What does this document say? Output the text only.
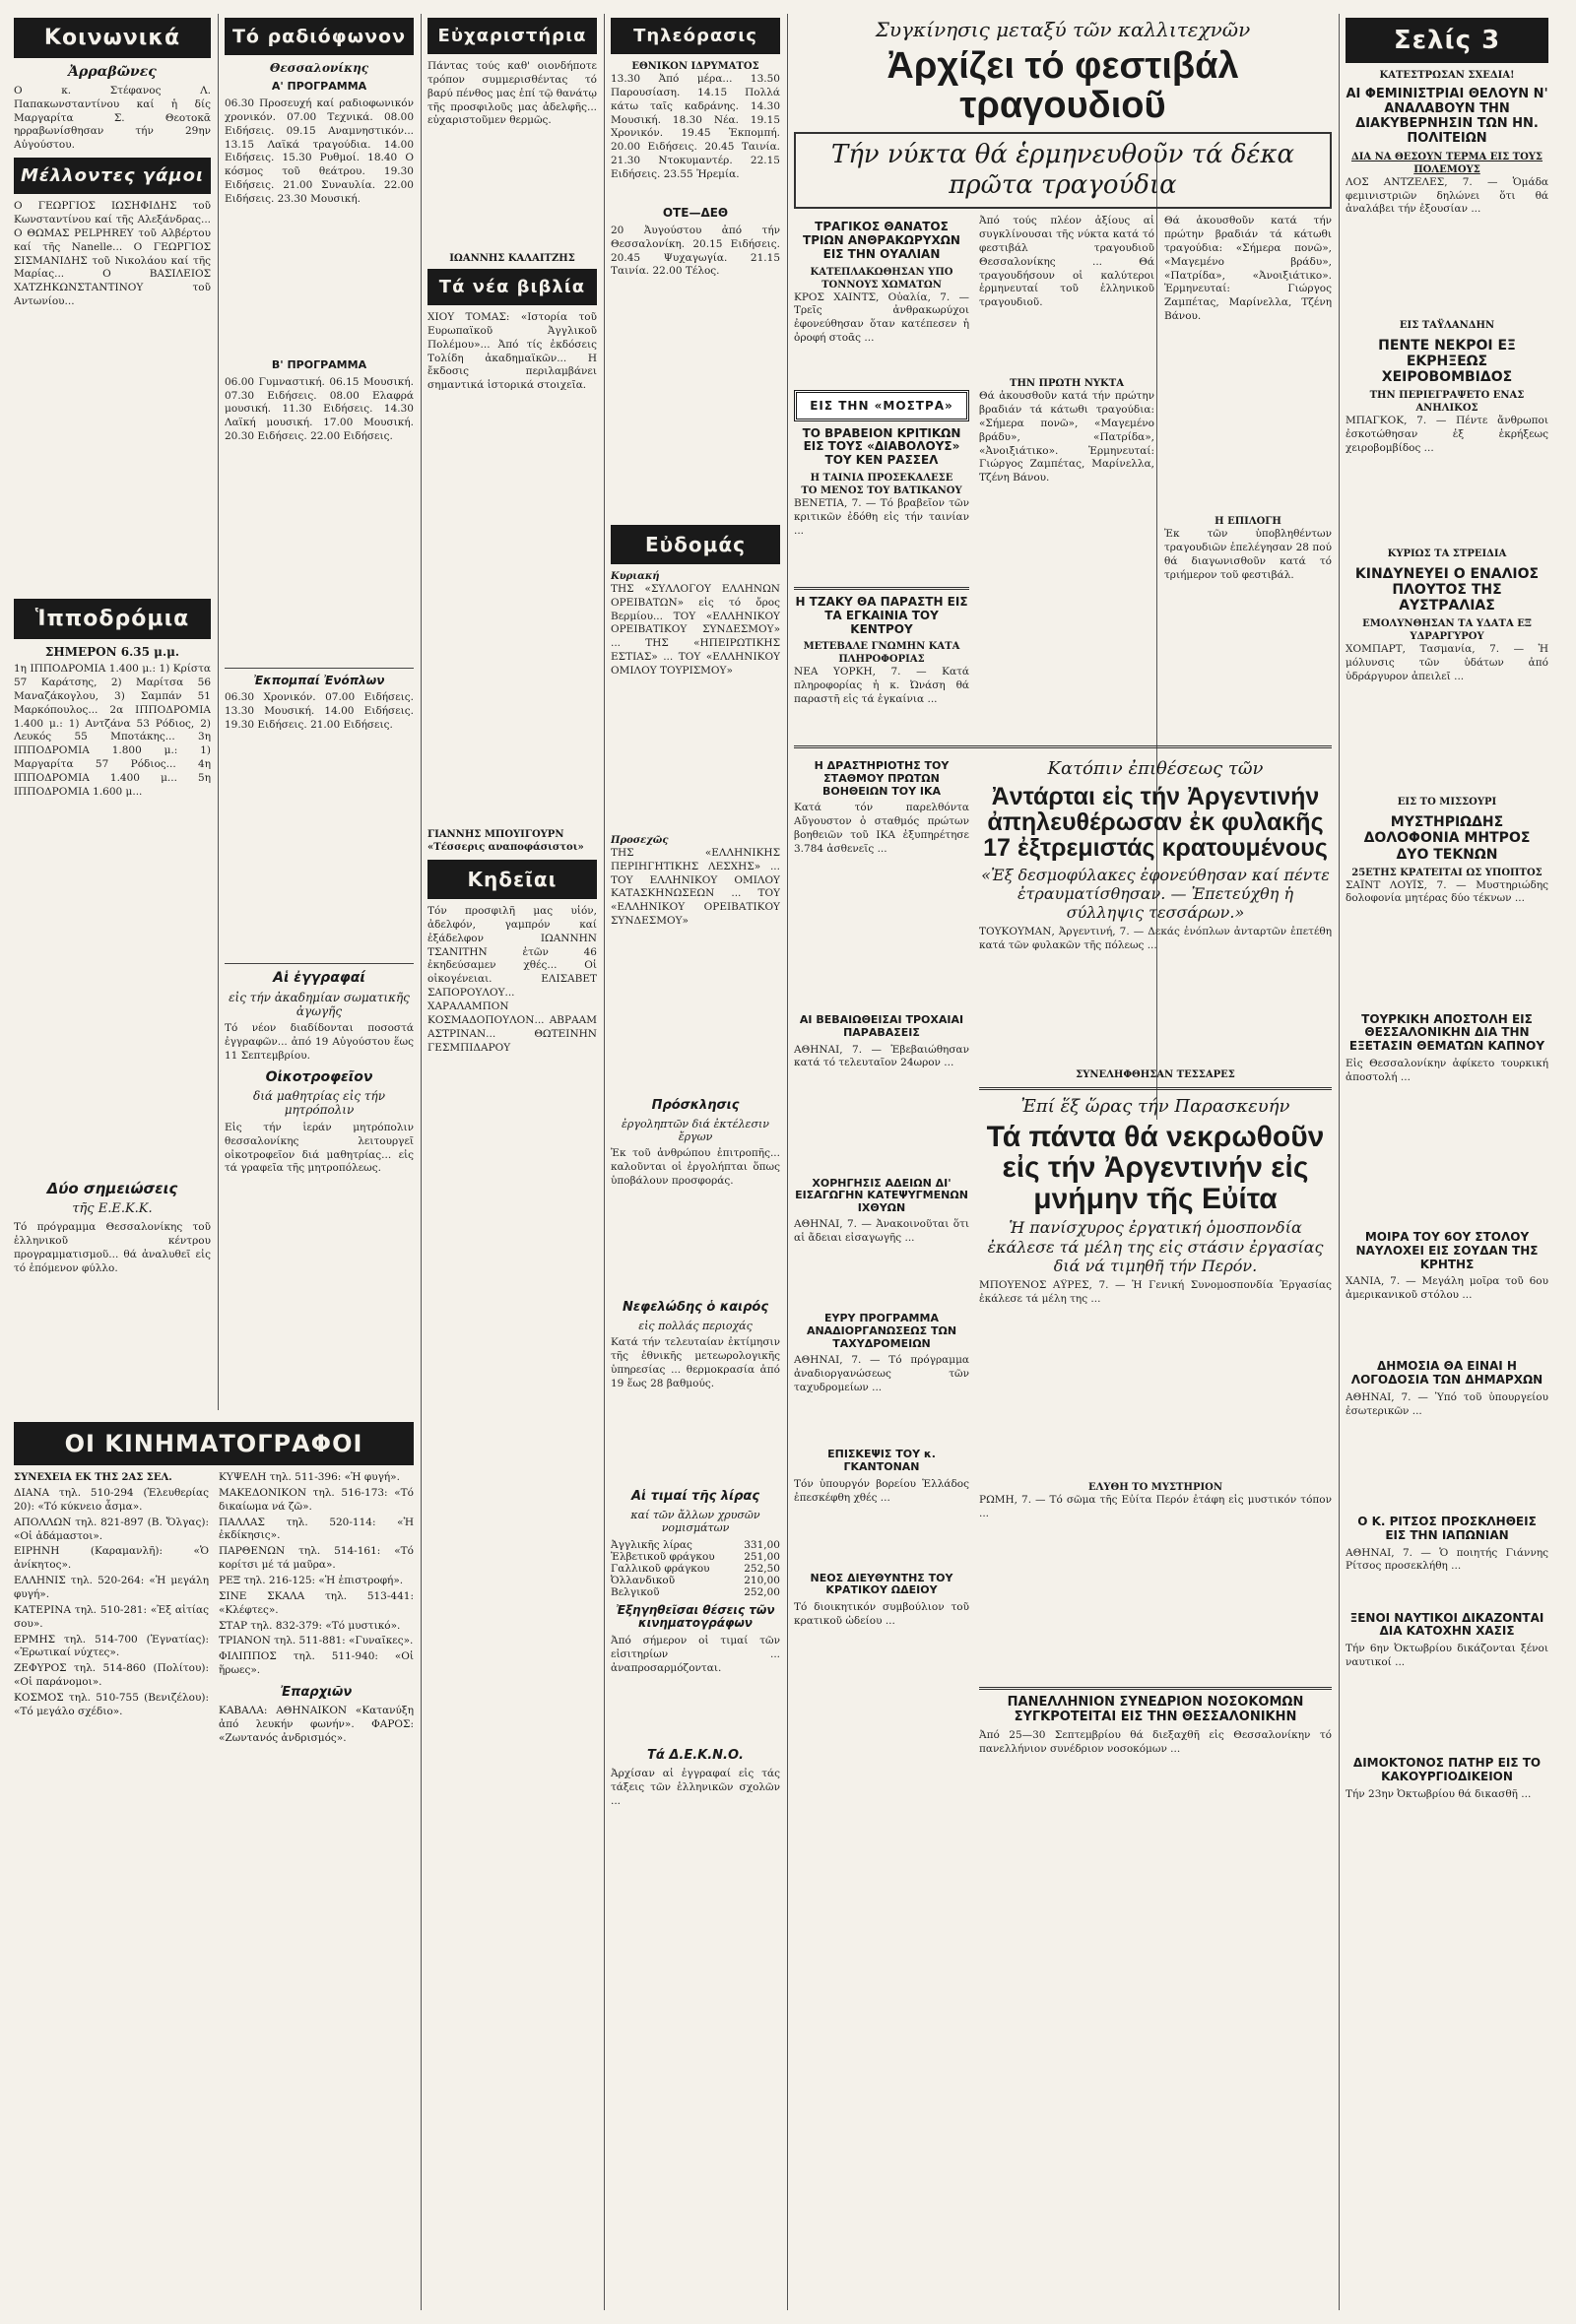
Κοινωνικά
Ἀρραβῶνες

Ο κ. Στέφανος Λ. Παπακωνσταντίνου καί ἡ δίς Μαργαρίτα Σ. Θεοτοκᾶ ηρραβωνίσθησαν τήν 29ην Αὐγούστου.

Μέλλοντες γάμοι

Ο ΓΕΩΡΓΙΟΣ ΙΩΣΗΦΙΔΗΣ τοῦ Κωνσταντίνου καί τῆς Αλεξάνδρας... Ο ΘΩΜΑΣ PELPHREY τοῦ Αλβέρτου καί τῆς Nanelle... Ο ΓΕΩΡΓΙΟΣ ΣΙΣΜΑΝΙΔΗΣ τοῦ Νικολάου καί τῆς Μαρίας... Ο ΒΑΣΙΛΕΙΟΣ ΧΑΤΖΗΚΩΝΣΤΑΝΤΙΝΟΥ τοῦ Αντωνίου...

Ἱπποδρόμια
ΣΗΜΕΡΟΝ 6.35 μ.μ.

1η ΙΠΠΟΔΡΟΜΙΑ 1.400 μ.: 1) Κρίστα 57 Καράτσης, 2) Μαρίτσα 56 Μαναζάκογλου, 3) Σαμπάν 51 Μαρκόπουλος... 2α ΙΠΠΟΔΡΟΜΙΑ 1.400 μ.: 1) Αντζάνα 53 Ρόδιος, 2) Λευκός 55 Μποτάκης... 3η ΙΠΠΟΔΡΟΜΙΑ 1.800 μ.: 1) Μαργαρίτα 57 Ρόδιος... 4η ΙΠΠΟΔΡΟΜΙΑ 1.400 μ... 5η ΙΠΠΟΔΡΟΜΙΑ 1.600 μ...

Δύο σημειώσεις
τῆς Ε.Ε.Κ.Κ.

Τό πρόγραμμα Θεσσαλονίκης τοῦ ἑλληνικοῦ κέντρου προγραμματισμοῦ... θά ἀναλυθεῖ εἰς τό ἑπόμενον φύλλο.

Τό ραδιόφωνον
Θεσσαλονίκης
Α' ΠΡΟΓΡΑΜΜΑ

06.30 Προσευχή καί ραδιοφωνικόν χρονικόν. 07.00 Τεχνικά. 08.00 Ειδήσεις. 09.15 Αναμνηστικόν... 13.15 Λαϊκά τραγούδια. 14.00 Ειδήσεις. 15.30 Ρυθμοί. 18.40 Ο κόσμος τοῦ θεάτρου. 19.30 Ειδήσεις. 21.00 Συναυλία. 22.00 Ειδήσεις. 23.30 Μουσική.

Β' ΠΡΟΓΡΑΜΜΑ

06.00 Γυμναστική. 06.15 Μουσική. 07.30 Ειδήσεις. 08.00 Ελαφρά μουσική. 11.30 Ειδήσεις. 14.30 Λαϊκή μουσική. 17.00 Μουσική. 20.30 Ειδήσεις. 22.00 Ειδήσεις.

Ἐκπομπαί Ἐνόπλων

06.30 Χρονικόν. 07.00 Ειδήσεις. 13.30 Μουσική. 14.00 Ειδήσεις. 19.30 Ειδήσεις. 21.00 Ειδήσεις.

Αἱ ἐγγραφαί
εἰς τήν ἀκαδημίαν σωματικῆς ἀγωγῆς

Τό νέον διαδίδονται ποσοστά ἐγγραφῶν... ἀπό 19 Αὐγούστου ἕως 11 Σεπτεμβρίου.

Οἰκοτροφεῖον
διά μαθητρίας εἰς τήν μητρόπολιν

Εἰς τήν ἱεράν μητρόπολιν θεσσαλονίκης λειτουργεῖ οἰκοτροφεῖον διά μαθητρίας... εἰς τά γραφεῖα τῆς μητροπόλεως.

Εὐχαριστήρια

Πάντας τούς καθ' οιονδήποτε τρόπον συμμερισθέντας τό βαρύ πένθος μας ἐπί τῷ θανάτῳ τῆς προσφιλοῦς μας ἀδελφῆς... εὐχαριστοῦμεν θερμῶς.

ΙΩΑΝΝΗΣ ΚΑΛΑΙΤΖΗΣ
Τά νέα βιβλία

ΧΙΟΥ ΤΟΜΑΣ: «Ιστορία τοῦ Ευρωπαϊκοῦ Ἀγγλικοῦ Πολέμου»... Ἀπό τίς ἐκδόσεις Τολίδη ἀκαδημαϊκῶν... Η ἔκδοσις περιλαμβάνει σημαντικά ἱστορικά στοιχεῖα.

ΓΙΑΝΝΗΣ ΜΠΟΥΙΓΟΥΡΝ «Τέσσερις αναποφάσιστοι»
Κηδεῖαι

Τόν προσφιλῆ μας υἱόν, ἀδελφόν, γαμπρόν καί ἐξάδελφον ΙΩΑΝΝΗΝ ΤΣΑΝΙΤΗΝ ἐτῶν 46 ἐκηδεύσαμεν χθές... Οἱ οἰκογένειαι. ΕΛΙΣΑΒΕΤ ΣΑΠΟΡΟΥΛΟΥ... ΧΑΡΑΛΑΜΠΟΝ ΚΟΣΜΑΔΟΠΟΥΛΟΝ... ΑΒΡΑΑΜ ΑΣΤΡΙΝΑΝ... ΘΩΤΕΙΝΗΝ ΓΕΣΜΠΙΔΑΡΟΥ

Τηλεόρασις
ΕΘΝΙΚΟΝ ΙΔΡΥΜΑΤΟΣ

13.30 Ἀπό μέρα... 13.50 Παρουσίαση. 14.15 Πολλά κάτω ταῖς καδράνης. 14.30 Μουσική. 18.30 Νέα. 19.15 Χρονικόν. 19.45 Ἐκπομπή. 20.00 Ειδήσεις. 20.45 Ταινία. 21.30 Ντοκυμαντέρ. 22.15 Ειδήσεις. 23.55 Ἠρεμία.

ΟΤΕ—ΔΕΘ

20 Ἀυγούστου ἀπό τήν Θεσσαλονίκη. 20.15 Ειδήσεις. 20.45 Ψυχαγωγία. 21.15 Ταινία. 22.00 Τέλος.

Εὐδομάς
Κυριακή

ΤΗΣ «ΣΥΛΛΟΓΟΥ ΕΛΛΗΝΩΝ ΟΡΕΙΒΑΤΩΝ» εἰς τό ὄρος Βερμίου... ΤΟΥ «ΕΛΛΗΝΙΚΟΥ ΟΡΕΙΒΑΤΙΚΟΥ ΣΥΝΔΕΣΜΟΥ» ... ΤΗΣ «ΗΠΕΙΡΩΤΙΚΗΣ ΕΣΤΙΑΣ» ... ΤΟΥ «ΕΛΛΗΝΙΚΟΥ ΟΜΙΛΟΥ ΤΟΥΡΙΣΜΟΥ»

Προσεχῶς

ΤΗΣ «ΕΛΛΗΝΙΚΗΣ ΠΕΡΙΗΓΗΤΙΚΗΣ ΛΕΣΧΗΣ» ... ΤΟΥ ΕΛΛΗΝΙΚΟΥ ΟΜΙΛΟΥ ΚΑΤΑΣΚΗΝΩΣΕΩΝ ... ΤΟΥ «ΕΛΛΗΝΙΚΟΥ ΟΡΕΙΒΑΤΙΚΟΥ ΣΥΝΔΕΣΜΟΥ»

Πρόσκλησις
ἐργοληπτῶν διά ἐκτέλεσιν ἔργων

Ἐκ τοῦ ἀνθρώπου ἐπιτροπῆς... καλοῦνται οἱ ἐργολήπται ὅπως ὑποβάλουν προσφοράς.

Νεφελώδης ὁ καιρός
εἰς πολλάς περιοχάς

Κατά τήν τελευταίαν ἐκτίμησιν τῆς ἐθνικῆς μετεωρολογικῆς ὑπηρεσίας ... θερμοκρασία ἀπό 19 ἕως 28 βαθμούς.

Αἱ τιμαί τῆς λίρας
καί τῶν ἄλλων χρυσῶν νομισμάτων
Ἀγγλικῆς λίρας	331,00
Ἑλβετικοῦ φράγκου	251,00
Γαλλικοῦ φράγκου	252,50
Ὀλλανδικοῦ	210,00
Βελγικοῦ	252,00
Ἐξηγηθεῖσαι θέσεις τῶν κινηματογράφων

Ἀπό σήμερον οἱ τιμαί τῶν εἰσιτηρίων ... ἀναπροσαρμόζονται.

Τά Δ.Ε.Κ.Ν.Ο.

Ἀρχίσαν αἱ ἐγγραφαί εἰς τάς τάξεις τῶν ἑλληνικῶν σχολῶν ...

Συγκίνησις μεταξύ τῶν καλλιτεχνῶν
Ἀρχίζει τό φεστιβάλ τραγουδιοῦ
Τήν νύκτα θά ἑρμηνευθοῦν τά δέκα πρῶτα τραγούδια
ΤΡΑΓΙΚΟΣ ΘΑΝΑΤΟΣ ΤΡΙΩΝ ΑΝΘΡΑΚΩΡΥΧΩΝ ΕΙΣ ΤΗΝ ΟΥΑΛΙΑΝ
ΚΑΤΕΠΛΑΚΩΘΗΣΑΝ ΥΠΟ ΤΟΝΝΟΥΣ ΧΩΜΑΤΩΝ

ΚΡΟΣ ΧΑΙΝΤΣ, Οὐαλία, 7. — Τρεῖς ἀνθρακωρύχοι ἐφονεύθησαν ὅταν κατέπεσεν ἡ ὀροφή στοᾶς ...

ΕΙΣ ΤΗΝ «ΜΟΣΤΡΑ»
ΤΟ ΒΡΑΒΕΙΟΝ ΚΡΙΤΙΚΩΝ ΕΙΣ ΤΟΥΣ «ΔΙΑΒΟΛΟΥΣ» ΤΟΥ ΚΕΝ ΡΑΣΣΕΛ
Η ΤΑΙΝΙΑ ΠΡΟΣΕΚΑΛΕΣΕ
ΤΟ ΜΕΝΟΣ ΤΟΥ ΒΑΤΙΚΑΝΟΥ

ΒΕΝΕΤΙΑ, 7. — Τό βραβεῖον τῶν κριτικῶν ἐδόθη εἰς τήν ταινίαν ...

Η ΤΖΑΚΥ ΘΑ ΠΑΡΑΣΤΗ ΕΙΣ ΤΑ ΕΓΚΑΙΝΙΑ ΤΟΥ ΚΕΝΤΡΟΥ
ΜΕΤΕΒΑΛΕ ΓΝΩΜΗΝ ΚΑΤΑ ΠΛΗΡΟΦΟΡΙΑΣ

ΝΕΑ ΥΟΡΚΗ, 7. — Κατά πληροφορίας ἡ κ. Ὠνάση θά παραστῆ εἰς τά ἐγκαίνια ...

Ἀπό τούς πλέον ἀξίους αἱ συγκλίνουσαι τῆς νύκτα κατά τό φεστιβάλ τραγουδιοῦ Θεσσαλονίκης ... Θά τραγουδήσουν οἱ καλύτεροι ἑρμηνευταί τοῦ ἑλληνικοῦ τραγουδιοῦ.

ΤΗΝ ΠΡΩΤΗ ΝΥΚΤΑ

Θά ἀκουσθοῦν κατά τήν πρώτην βραδιάν τά κάτωθι τραγούδια: «Σήμερα πονῶ», «Μαγεμένο βράδυ», «Πατρίδα», «Ἀνοιξιάτικο». Ἑρμηνευταί: Γιώργος Ζαμπέτας, Μαρίνελλα, Τζένη Βάνου.

Θά ἀκουσθοῦν κατά τήν πρώτην βραδιάν τά κάτωθι τραγούδια: «Σήμερα πονῶ», «Μαγεμένο βράδυ», «Πατρίδα», «Ἀνοιξιάτικο». Ἑρμηνευταί: Γιώργος Ζαμπέτας, Μαρίνελλα, Τζένη Βάνου.

Η ΕΠΙΛΟΓΗ

Ἐκ τῶν ὑποβληθέντων τραγουδιῶν ἐπελέγησαν 28 πού θά διαγωνισθοῦν κατά τό τριήμερον τοῦ φεστιβάλ.

Η ΔΡΑΣΤΗΡΙΟΤΗΣ ΤΟΥ ΣΤΑΘΜΟΥ ΠΡΩΤΩΝ ΒΟΗΘΕΙΩΝ ΤΟΥ ΙΚΑ

Κατά τόν παρελθόντα Αὔγουστον ὁ σταθμός πρώτων βοηθειῶν τοῦ ΙΚΑ ἐξυπηρέτησε 3.784 ἀσθενεῖς ...

ΑΙ ΒΕΒΑΙΩΘΕΙΣΑΙ ΤΡΟΧΑΙΑΙ ΠΑΡΑΒΑΣΕΙΣ

ΑΘΗΝΑΙ, 7. — Ἐβεβαιώθησαν κατά τό τελευταῖον 24ωρον ...

ΧΟΡΗΓΗΣΙΣ ΑΔΕΙΩΝ ΔΙ' ΕΙΣΑΓΩΓΗΝ ΚΑΤΕΨΥΓΜΕΝΩΝ ΙΧΘΥΩΝ

ΑΘΗΝΑΙ, 7. — Ἀνακοινοῦται ὅτι αἱ ἄδειαι εἰσαγωγῆς ...

ΕΥΡΥ ΠΡΟΓΡΑΜΜΑ ΑΝΑΔΙΟΡΓΑΝΩΣΕΩΣ ΤΩΝ ΤΑΧΥΔΡΟΜΕΙΩΝ

ΑΘΗΝΑΙ, 7. — Τό πρόγραμμα ἀναδιοργανώσεως τῶν ταχυδρομείων ...

ΕΠΙΣΚΕΨΙΣ ΤΟΥ κ. ΓΚΑΝΤΟΝΑΝ

Τόν ὑπουργόν βορείου Ἑλλάδος ἐπεσκέφθη χθές ...

ΝΕΟΣ ΔΙΕΥΘΥΝΤΗΣ ΤΟΥ ΚΡΑΤΙΚΟΥ ΩΔΕΙΟΥ

Τό διοικητικόν συμβούλιον τοῦ κρατικοῦ ὠδείου ...

Κατόπιν ἐπιθέσεως τῶν
Ἀντάρται εἰς τήν Ἀργεντινήν ἀπηλευθέρωσαν ἐκ φυλακῆς 17 ἐξτρεμιστάς κρατουμένους
«Ἐξ δεσμοφύλακες ἐφονεύθησαν καί πέντε ἐτραυματίσθησαν. — Ἐπετεύχθη ἡ σύλληψις τεσσάρων.»

ΤΟΥΚΟΥΜΑΝ, Ἀργεντινή, 7. — Δεκάς ἐνόπλων ἀνταρτῶν ἐπετέθη κατά τῶν φυλακῶν τῆς πόλεως ...

ΣΥΝΕΛΗΦΘΗΣΑΝ ΤΕΣΣΑΡΕΣ
Ἐπί ἕξ ὥρας τήν Παρασκευήν
Τά πάντα θά νεκρωθοῦν εἰς τήν Ἀργεντινήν εἰς μνήμην τῆς Εὐίτα
Ἡ πανίσχυρος ἐργατική ὁμοσπονδία ἐκάλεσε τά μέλη της εἰς στάσιν ἐργασίας διά νά τιμηθῆ τήν Περόν.

ΜΠΟΥΕΝΟΣ ΑΫΡΕΣ, 7. — Ἡ Γενική Συνομοσπονδία Ἐργασίας ἐκάλεσε τά μέλη της ...

ΕΛΥΘΗ ΤΟ ΜΥΣΤΗΡΙΟΝ

ΡΩΜΗ, 7. — Τό σῶμα τῆς Εὐίτα Περόν ἐτάφη εἰς μυστικόν τόπον ...

ΠΑΝΕΛΛΗΝΙΟΝ ΣΥΝΕΔΡΙΟΝ ΝΟΣΟΚΟΜΩΝ ΣΥΓΚΡΟΤΕΙΤΑΙ ΕΙΣ ΤΗΝ ΘΕΣΣΑΛΟΝΙΚΗΝ

Ἀπό 25—30 Σεπτεμβρίου θά διεξαχθῆ εἰς Θεσσαλονίκην τό πανελλήνιον συνέδριον νοσοκόμων ...

Σελίς 3
ΚΑΤΕΣΤΡΩΣΑΝ ΣΧΕΔΙΑ!
ΑΙ ΦΕΜΙΝΙΣΤΡΙΑΙ ΘΕΛΟΥΝ Ν' ΑΝΑΛΑΒΟΥΝ ΤΗΝ ΔΙΑΚΥΒΕΡΝΗΣΙΝ ΤΩΝ ΗΝ. ΠΟΛΙΤΕΙΩΝ
ΔΙΑ ΝΑ ΘΕΣΟΥΝ ΤΕΡΜΑ ΕΙΣ ΤΟΥΣ ΠΟΛΕΜΟΥΣ

ΛΟΣ ΑΝΤΖΕΛΕΣ, 7. — Ὁμάδα φεμινιστριῶν δηλώνει ὅτι θά ἀναλάβει τήν ἐξουσίαν ...

ΕΙΣ ΤΑΫΛΑΝΔΗΝ
ΠΕΝΤΕ ΝΕΚΡΟΙ ΕΞ ΕΚΡΗΞΕΩΣ ΧΕΙΡΟΒΟΜΒΙΔΟΣ
ΤΗΝ ΠΕΡΙΕΓΡΑΨΕΤΟ ΕΝΑΣ ΑΝΗΛΙΚΟΣ

ΜΠΑΓΚΟΚ, 7. — Πέντε ἄνθρωποι ἐσκοτώθησαν ἐξ ἐκρήξεως χειροβομβίδος ...

ΚΥΡΙΩΣ ΤΑ ΣΤΡΕΙΔΙΑ
ΚΙΝΔΥΝΕΥΕΙ Ο ΕΝΑΛΙΟΣ ΠΛΟΥΤΟΣ ΤΗΣ ΑΥΣΤΡΑΛΙΑΣ
ΕΜΟΛΥΝΘΗΣΑΝ ΤΑ ΥΔΑΤΑ ΕΞ ΥΔΡΑΡΓΥΡΟΥ

ΧΟΜΠΑΡΤ, Τασμανία, 7. — Ἡ μόλυνσις τῶν ὑδάτων ἀπό ὑδράργυρον ἀπειλεῖ ...

ΕΙΣ ΤΟ ΜΙΣΣΟΥΡΙ
ΜΥΣΤΗΡΙΩΔΗΣ ΔΟΛΟΦΟΝΙΑ ΜΗΤΡΟΣ ΔΥΟ ΤΕΚΝΩΝ
25ΕΤΗΣ ΚΡΑΤΕΙΤΑΙ ΩΣ ΥΠΟΠΤΟΣ

ΣΑΪΝΤ ΛΟΥΪΣ, 7. — Μυστηριώδης δολοφονία μητέρας δύο τέκνων ...

ΤΟΥΡΚΙΚΗ ΑΠΟΣΤΟΛΗ ΕΙΣ ΘΕΣΣΑΛΟΝΙΚΗΝ ΔΙΑ ΤΗΝ ΕΞΕΤΑΣΙΝ ΘΕΜΑΤΩΝ ΚΑΠΝΟΥ

Εἰς Θεσσαλονίκην ἀφίκετο τουρκική ἀποστολή ...

ΜΟΙΡΑ ΤΟΥ 6ΟΥ ΣΤΟΛΟΥ ΝΑΥΛΟΧΕΙ ΕΙΣ ΣΟΥΔΑΝ ΤΗΣ ΚΡΗΤΗΣ

ΧΑΝΙΑ, 7. — Μεγάλη μοῖρα τοῦ 6ου ἀμερικανικοῦ στόλου ...

ΔΗΜΟΣΙΑ ΘΑ ΕΙΝΑΙ Η ΛΟΓΟΔΟΣΙΑ ΤΩΝ ΔΗΜΑΡΧΩΝ

ΑΘΗΝΑΙ, 7. — Ὑπό τοῦ ὑπουργείου ἐσωτερικῶν ...

Ο Κ. ΡΙΤΣΟΣ ΠΡΟΣΚΛΗΘΕΙΣ ΕΙΣ ΤΗΝ ΙΑΠΩΝΙΑΝ

ΑΘΗΝΑΙ, 7. — Ὁ ποιητής Γιάννης Ρίτσος προσεκλήθη ...

ΞΕΝΟΙ ΝΑΥΤΙΚΟΙ ΔΙΚΑΖΟΝΤΑΙ ΔΙΑ ΚΑΤΟΧΗΝ ΧΑΣΙΣ

Τήν 6ην Ὀκτωβρίου δικάζονται ξένοι ναυτικοί ...

ΔΙΜΟΚΤΟΝΟΣ ΠΑΤΗΡ ΕΙΣ ΤΟ ΚΑΚΟΥΡΓΙΟΔΙΚΕΙΟΝ

Τήν 23ην Ὀκτωβρίου θά δικασθῆ ...

ΟΙ ΚΙΝΗΜΑΤΟΓΡΑΦΟΙ
ΣΥΝΕΧΕΙΑ ΕΚ ΤΗΣ 2ΑΣ ΣΕΛ.

ΔΙΑΝΑ τηλ. 510-294 (Ἐλευθερίας 20): «Τό κύκνειο ἆσμα».

ΑΠΟΛΛΩΝ τηλ. 821-897 (Β. Ὄλγας): «Οἱ ἀδάμαστοι».

ΕΙΡΗΝΗ (Καραμανλῆ): «Ὁ ἀνίκητος».

ΕΛΛΗΝΙΣ τηλ. 520-264: «Ἡ μεγάλη φυγή».

ΚΑΤΕΡΙΝΑ τηλ. 510-281: «Ἐξ αἰτίας σου».

ΕΡΜΗΣ τηλ. 514-700 (Ἐγνατίας): «Ἐρωτικαί νύχτες».

ΖΕΦΥΡΟΣ τηλ. 514-860 (Πολίτου): «Οἱ παράνομοι».

ΚΟΣΜΟΣ τηλ. 510-755 (Βενιζέλου): «Τό μεγάλο σχέδιο».

ΚΥΨΕΛΗ τηλ. 511-396: «Ἡ φυγή».

ΜΑΚΕΔΟΝΙΚΟΝ τηλ. 516-173: «Τό δικαίωμα νά ζῶ».

ΠΑΛΛΑΣ τηλ. 520-114: «Ἡ ἐκδίκησις».

ΠΑΡΘΕΝΩΝ τηλ. 514-161: «Τό κορίτσι μέ τά μαῦρα».

ΡΕΞ τηλ. 216-125: «Ἡ ἐπιστροφή».

ΣΙΝΕ ΣΚΑΛΑ τηλ. 513-441: «Κλέφτες».

ΣΤΑΡ τηλ. 832-379: «Τό μυστικό».

ΤΡΙΑΝΟΝ τηλ. 511-881: «Γυναῖκες».

ΦΙΛΙΠΠΟΣ τηλ. 511-940: «Οἱ ἥρωες».

Ἐπαρχιῶν

ΚΑΒΑΛΑ: ΑΘΗΝΑΙΚΟΝ «Κατανύξη ἀπό λευκήν φωνήν». ΦΑΡΟΣ: «Ζωντανός ἀνδρισμός».
